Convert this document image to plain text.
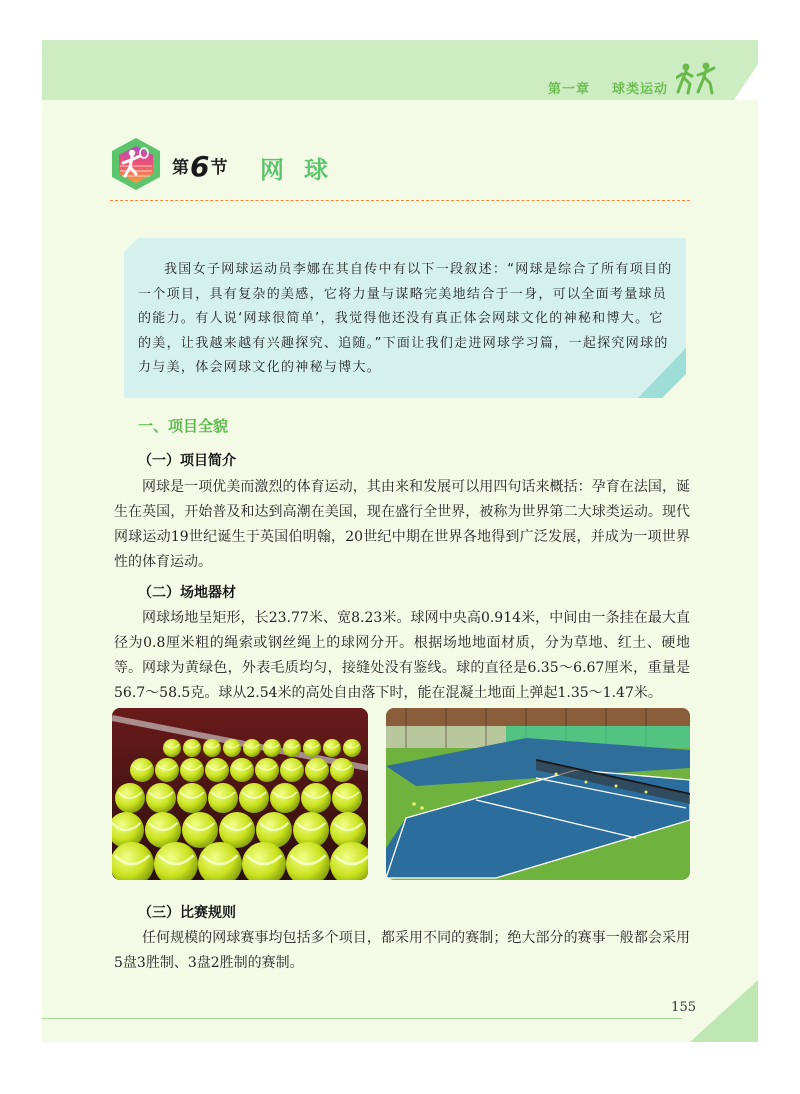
第一章 球类运动
第6节 网球
我国女子网球运动员李娜在其自传中有以下一段叙述：“网球是综合了所有项目的一个项目，具有复杂的美感，它将力量与谋略完美地结合于一身，可以全面考量球员的能力。有人说‘网球很简单’，我觉得他还没有真正体会网球文化的神秘和博大。它的美，让我越来越有兴趣探究、追随。”下面让我们走进网球学习篇，一起探究网球的力与美，体会网球文化的神秘与博大。
一、项目全貌
（一）项目简介
网球是一项优美而激烈的体育运动，其由来和发展可以用四句话来概括：孕育在法国，诞生在英国，开始普及和达到高潮在美国，现在盛行全世界，被称为世界第二大球类运动。现代网球运动19世纪诞生于英国伯明翰，20世纪中期在世界各地得到广泛发展，并成为一项世界性的体育运动。
（二）场地器材
网球场地呈矩形，长23.77米、宽8.23米。球网中央高0.914米，中间由一条挂在最大直径为0.8厘米粗的绳索或钢丝绳上的球网分开。根据场地地面材质，分为草地、红土、硬地等。 网球为黄绿色，外表毛质均匀，接缝处没有鉴线。球的直径是6.35～6.67厘米，重量是56.7～58.5克。球从2.54米的高处自由落下时，能在混凝土地面上弹起1.35～1.47米。
（三）比赛规则
任何规模的网球赛事均包括多个项目，都采用不同的赛制；绝大部分的赛事一般都会采用5盘3胜制、3盘2胜制的赛制。
155
